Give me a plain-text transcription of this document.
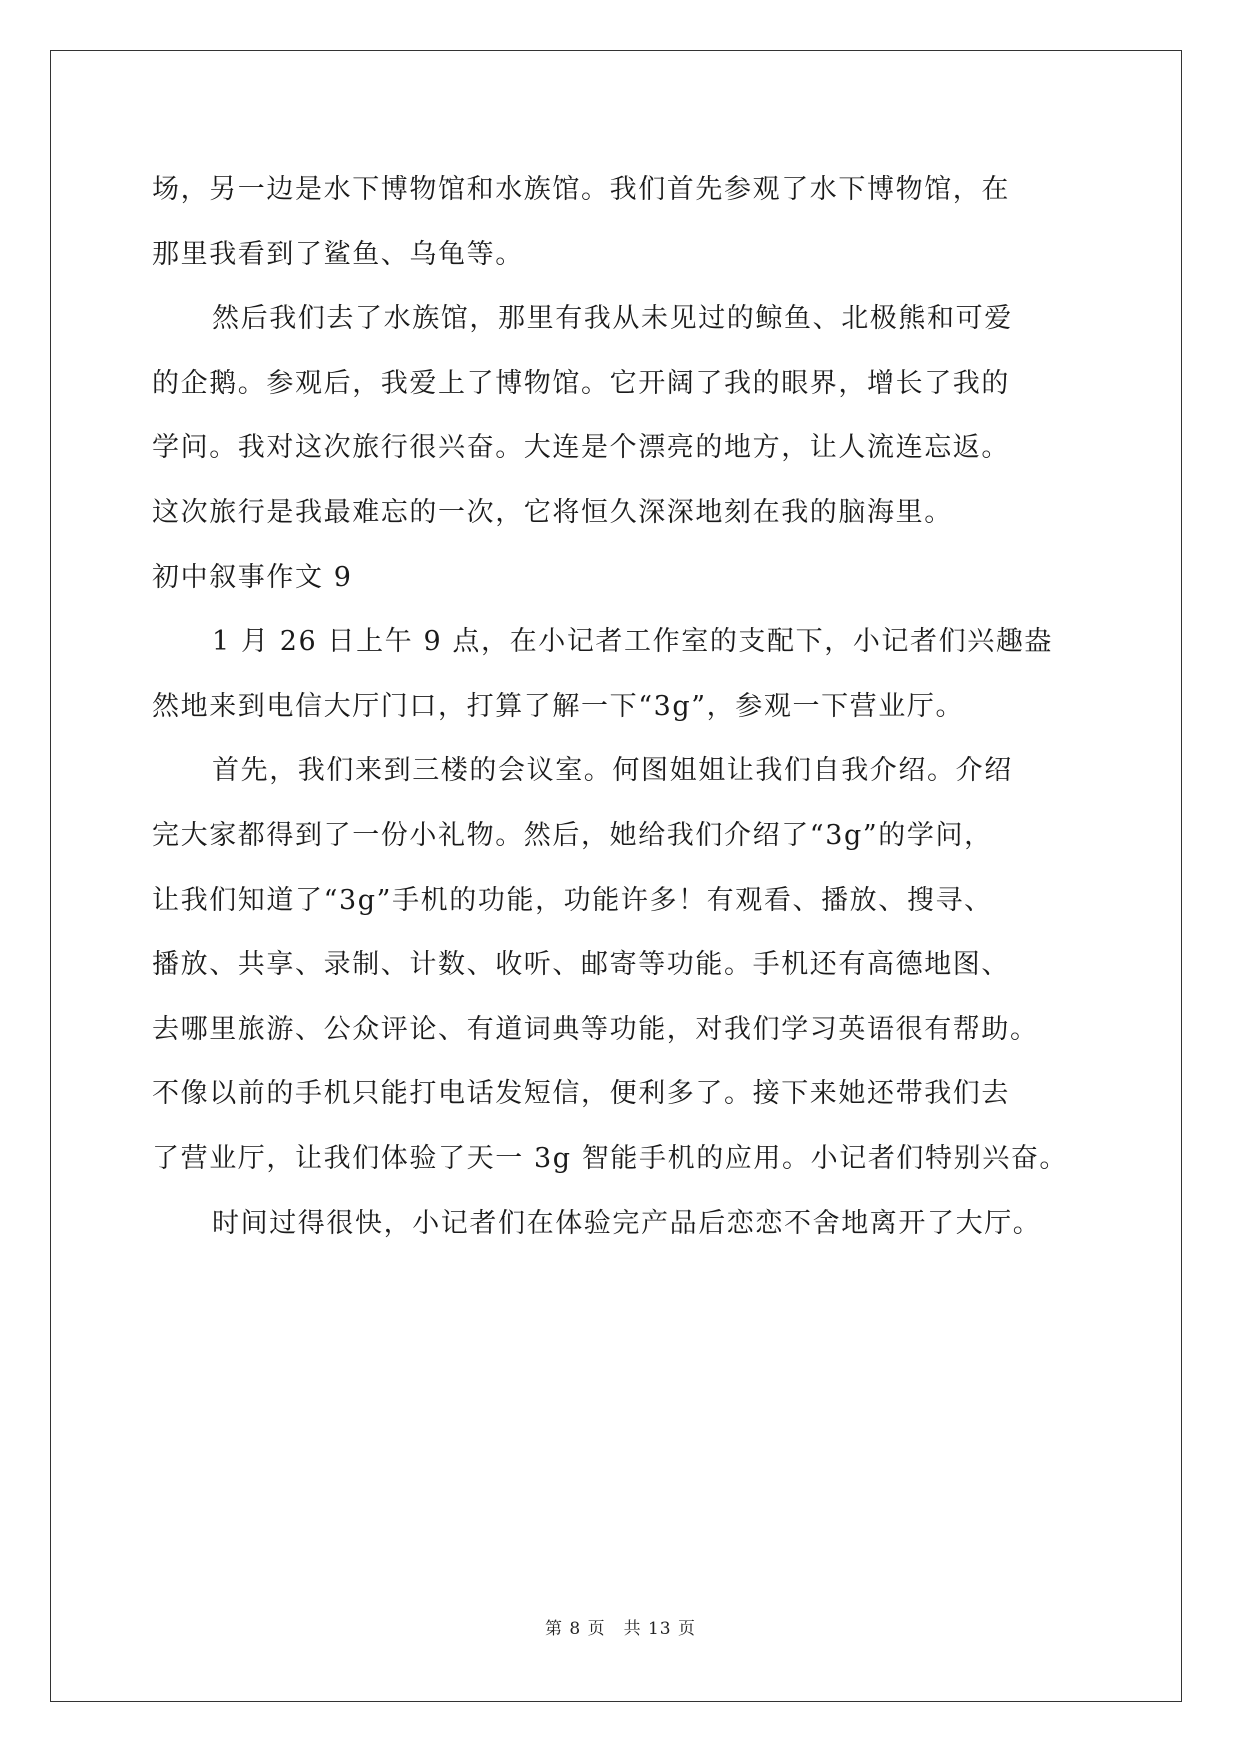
场，另一边是水下博物馆和水族馆。我们首先参观了水下博物馆，在
那里我看到了鲨鱼、乌龟等。
然后我们去了水族馆，那里有我从未见过的鲸鱼、北极熊和可爱
的企鹅。参观后，我爱上了博物馆。它开阔了我的眼界，增长了我的
学问。我对这次旅行很兴奋。大连是个漂亮的地方，让人流连忘返。
这次旅行是我最难忘的一次，它将恒久深深地刻在我的脑海里。
初中叙事作文 9
1 月 26 日上午 9 点，在小记者工作室的支配下，小记者们兴趣盎
然地来到电信大厅门口，打算了解一下“3g”，参观一下营业厅。
首先，我们来到三楼的会议室。何图姐姐让我们自我介绍。介绍
完大家都得到了一份小礼物。然后，她给我们介绍了“3g”的学问，
让我们知道了“3g”手机的功能，功能许多！有观看、播放、搜寻、
播放、共享、录制、计数、收听、邮寄等功能。手机还有高德地图、
去哪里旅游、公众评论、有道词典等功能，对我们学习英语很有帮助。
不像以前的手机只能打电话发短信，便利多了。接下来她还带我们去
了营业厅，让我们体验了天一 3g 智能手机的应用。小记者们特别兴奋。
时间过得很快，小记者们在体验完产品后恋恋不舍地离开了大厅。
第 8 页　共 13 页
